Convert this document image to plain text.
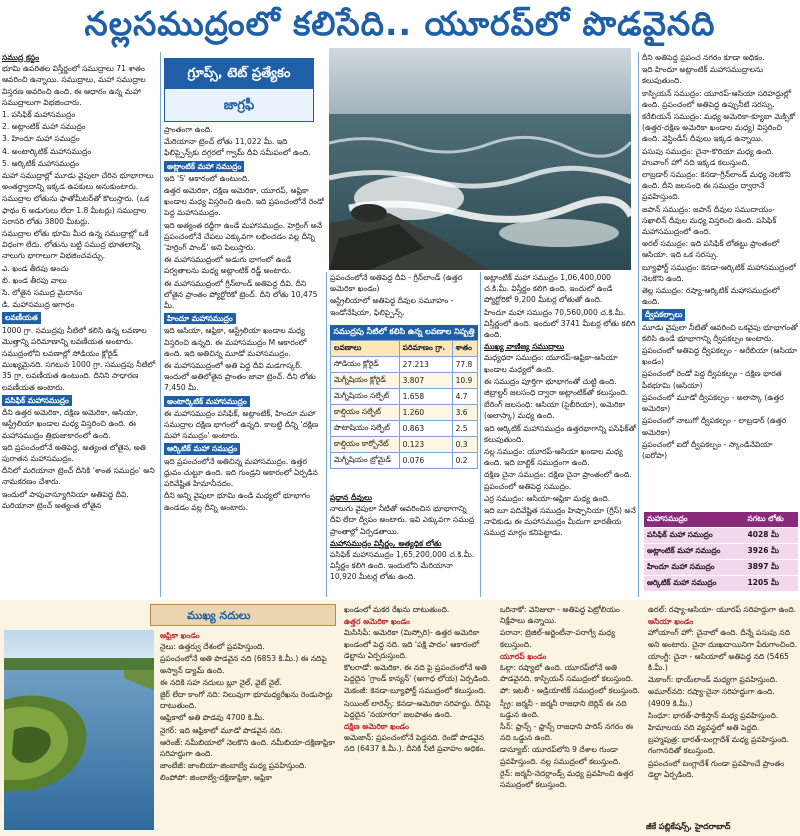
నల్లసముద్రంలో కలిసేది.. యూరప్‌లో పొడవైనది
సముద్ర క్రస్టం

భూమి ఉపరితల విస్తీర్ణంలో సముద్రాలు 71 శాతం ఆవరించి ఉన్నాయి. సముద్రాలు, మహా సముద్రాల విస్తరణ ఆవరించి ఉంది. ఈ ఆధారం ఉన్న మహా సముద్రాలుగా విభజించారు.

1. పసిఫిక్ మహాసముద్రం

2. అట్లాంటిక్ మహా సముద్రం

3. హిందూ మహా సముద్రం

4. అంటార్కిటిక్ మహాసముద్రం

5. ఆర్కిటిక్ మహాసముద్రం

మహా సముద్రాల్లో మూడు వైపులా చేరిన భూభాగాలు అంతర్ద్వాదాన్ని ఇక్కడ ఉపకులు అనుకుంటారు.

సముద్రాల లోతును ఫాతోమీటర్‌తో కొలుస్తారు. (ఒక ఫాథం 6 అడుగులు లేదా 1.8 మీటర్లు) సముద్రాల సరాసరి లోతు 3800 మీటర్లు.

సముద్రాల లోతు భూమి మీద ఉన్న సముద్రాల్లో ఒకే విధంగా లేదు. లోతును బట్టి సముద్ర భూతలాన్ని నాలుగు భాగాలుగా విభజించవచ్చు.

ఎ. ఖండ తీరపు అంచు

బి. ఖండ తీరపు వాలు

సి. లోతైన సముద్ర మైదానం

డి. మహాసముద్ర అగాధం

లవణీయత

1000 గ్రా. సముద్రపు నీటిలో కలిసి ఉన్న లవణాల మొత్తాన్ని పరిమాణాన్ని లవణీయత అంటారు.

సముద్రంలోని లవణాల్లో సోడియం క్లోరైడ్ ముఖ్యమైనది. సగటున 1000 గ్రా. సముద్రపు నీటిలో 35 గ్రా. లవణీయత ఉంటుంది. దీనిని సాధారణ లవణీయత అంటారు.

పసిఫిక్ మహాసముద్రం

దీని ఉత్తర అమెరికా, దక్షిణ అమెరికా, ఆసియా, ఆస్ట్రేలియా ఖండాల మధ్య విస్తరించి ఉంది. ఈ మహాసముద్రం త్రిభుజాకారంలో ఉంది.

ఇది ప్రపంచంలోనే అతిపెద్ద, అత్యంత లోతైన, అతి పురాతన మహాసముద్రం.

దీనిలో మరియానా ట్రెంచ్ దీనికి 'శాంత సముద్రం' అని నామకరణం చేశారు.

ఇందులో పాపువాన్యూగినియా అతిపెద్ద దీవి. మరియానా ట్రెంచ్ అత్యంత లోతైన

గ్రూప్స్, టెట్ ప్రత్యేకం
జాగ్రఫీ

ప్రాంతంగా ఉంది.

మేరియానా ట్రెంచ్ లోతు 11,022 మీ. ఇది ఫిలిప్పైన్స్‌కు దగ్గరలో గ్వామ్ దీవి సమీపంలో ఉంది.

అట్లాంటిక్ మహా సముద్రం

ఇది 'S' ఆకారంలో ఉంటుంది.

ఉత్తర అమెరికా, దక్షిణ అమెరికా, యూరప్, ఆఫ్రికా ఖండాల మధ్య విస్తరించి ఉంది. ఇది ప్రపంచంలోనే రెండో పెద్ద మహాసముద్రం.

ఇది అత్యంత రద్దీగా ఉండే మహాసముద్రం. హెర్రింగ్ అనే ప్రపంచంలోనే చేపలు ఎక్కువగా లభించడం వల్ల దీన్ని 'హెర్రింగ్ పాండ్' అని పిలుస్తారు.

ఈ మహాసముద్రంలో అడుగు భాగంలో ఉండే పర్వతాలను మధ్య అట్లాంటిక్ రిడ్జ్ అంటారు.

ఈ మహాసముద్రంలో గ్రీన్‌లాండ్ అతిపెద్ద దీవి. దీని లోతైన ప్రాంతం ప్యోర్టోరికో ట్రెంచ్. దీని లోతు 10,475 మీ.

హిందూ మహాసముద్రం

ఇది ఆసియా, ఆఫ్రికా, ఆస్ట్రేలియా ఖండాల మధ్య విస్తరించి ఉన్నది. ఈ మహాసముద్రం M ఆకారంలో ఉంది. ఇది అతిచిన్న మూడో మహాసముద్రం.

ఈ మహాసముద్రంలో అతి పెద్ద దీవి మడగాస్కర్. ఇందులో అతిలోతైన ప్రాంతం జావా ట్రెంచ్. దీని లోతు 7,450 మీ.

అంటార్కిటిక్ మహాసముద్రం

ఈ మహాసముద్రం పసిఫిక్, అట్లాంటిక్, హిందూ మహా సముద్రాల దక్షిణ భాగంలో ఉన్నది. కాబట్టి దీన్ని 'దక్షిణ మహా సముద్రం' అంటారు.

ఆర్కిటిక్ మహా సముద్రం

ఇది ప్రపంచంలోనే అతిచిన్న మహాసముద్రం. ఉత్తర ధ్రువం చుట్టూ ఉంది. ఇది గుండ్రని ఆకారంలో ఏర్పడిన పరివేష్టిత హిమానీనదం.

దీని అన్ని వైపులా భూమి ఉండి మధ్యలో భూభాగం ఉండడం వల్ల దీన్ని అంటారు.

ప్రపంచంలోనే అతిపెద్ద దీవి - గ్రీన్‌లాండ్ (ఉత్తర అమెరికా ఖండం)

ఆస్ట్రేలియాలో అతిపెద్ద దీవుల సమూహం - ఇండోనేషియా, ఫిలిప్పైన్స్.

సముద్రపు నీటిలో కలిసి ఉన్న లవణాల నిష్పత్తి
లవణాలు	పరిమాణం గ్రా.	శాతం
సోడియం క్లోరైడ్	27.213	77.8
మెగ్నీషియం క్లోరైడ్	3.807	10.9
మెగ్నీషియం సల్ఫేట్	1.658	4.7
కాల్షియం సల్ఫేట్	1.260	3.6
పొటాషియం సల్ఫేట్	0.863	2.5
కాల్షియం కార్బోనేట్	0.123	0.3
మెగ్నీషియం బ్రోమైడ్	0.076	0.2
ప్రధాన దీవులు

నాలుగు వైపులా నీటితో ఆవరించిన భూభాగాన్ని దీవి లేదా ద్వీపం అంటారు. ఇవి ఎక్కువగా సముద్ర ప్రాంతాల్లో ఏర్పడతాయి.

మహాసముద్రం విస్తీర్ణం, అత్యధిక లోతు

పసిఫిక్ మహాసముద్రం 1,65,200,000 చ.కి.మీ. విస్తీర్ణం కలిగి ఉంది. ఇందులోని మేరియానా 10,920 మీటర్ల లోతు ఉంది.

అట్లాంటిక్ మహా సముద్రం 1,06,400,000 చ.కి.మీ. విస్తీర్ణం కలిగి ఉంది. ఇందులో ఉండే ప్యోర్టోరికో 9,200 మీటర్ల లోతుతో ఉంది.

హిందూ మహా సముద్రం 70,560,000 చ.కి.మీ. విస్తీర్ణంలో ఉంది. ఇందులో 3741 మీటర్ల లోతు కలిగి ఉంది.

ముఖ్య వాణిజ్య సముద్రాలు

మధ్యధరా సముద్రం: యూరప్-ఆఫ్రికా-ఆసియా ఖండాల మధ్యలో ఉంది.

ఈ సముద్రం పూర్తిగా భూభాగంతో చుట్టి ఉంది. జిబ్రాల్టర్ జలసంధి ద్వారా అట్లాంటిక్‌తో కలుస్తుంది.

బేరింగ్ జలసంధి: ఆసియా (సైబీరియా), అమెరికా (అలాస్కా) మధ్య ఉంది.

ఇది ఆర్కిటిక్ మహాసముద్రం ఉత్తరభాగాన్ని పసిఫిక్‌తో కలుపుతుంది.

నల్ల సముద్రం: యూరప్-ఆసియా ఖండాల మధ్య ఉంది. ఇది బాల్టిక్ సముద్రంగా ఉంది.

దక్షిణ చైనా సముద్రం: దక్షిణ చైనా ప్రాంతంలో ఉంది. ప్రపంచంలో అతిపెద్ద సముద్రం.

ఎర్ర సముద్రం: ఆసియా-ఆఫ్రికా మధ్య ఉంది.

ఇది బూ పదివేష్టిత సముద్రం హిష్పానియా (గ్రీస్) అనే నావికుడు ఈ మహాసముద్రం మీదుగా భారతీయ సముద్ర మార్గం కనిపెట్టాడు.

దీని అతిపెద్ద ప్రపంచ నగరం కూడా అధికం.

ఇది హిందూ అట్లాంటిక్ మహాసముద్రాలను కలుపుతుంది.

కాస్పియన్ సముద్రం: యూరప్-ఆసియా సరిహద్దుల్లో ఉంది. ప్రపంచంలో అతిపెద్ద ఉప్పునీటి సరస్సు.

కరేబియన్ సముద్రం: మధ్య అమెరికా-క్యూబా మెక్సికో (ఉత్తర-దక్షిణ అమెరికా ఖండాల మధ్య) విస్తరించి ఉంది. వెస్టిండీస్ దీవులు ఇక్కడ ఉన్నాయి.

పసుపు సముద్రం: చైనా-కొరియా మధ్య ఉంది. హువాంగ్ హో నది ఇక్కడ కలుస్తుంది.

లాబ్రడార్ సముద్రం: కెనడా-గ్రీన్‌లాండ్ మధ్య నెలకొని ఉంది. దీని జలసంధి ఈ సముద్రం ద్వారానే ప్రవహిస్తుంది.

జపాన్ సముద్రం: జపాన్ దీవుల సముదాయం-సఖాలిన్ దీవుల మధ్య విస్తరించి ఉంది. పసిఫిక్ మహాసముద్రంలో ఉంది.

అరల్ సముద్రం: ఇది పసిఫిక్ లోతట్టు ప్రాంతంలో ఆసియా. ఇది ఒక సరస్సు.

బ్యూఫోర్ట్ సముద్రం: కెనడా-ఆర్కిటిక్ మహాసముద్రంలో నెలకొని ఉంది.

తెల్ల సముద్రం: రష్యా-ఆర్కిటిక్ మహాసముద్రంలో ఉంది.

ద్వీపకల్పాలు

మూడు వైపులా నీటితో ఆవరించి ఒకవైపు భూభాగంతో కలిసి ఉండే భూభాగాన్ని ద్వీపకల్పం అంటారు.

ప్రపంచంలో అతిపెద్ద ద్వీపకల్పం - అరేబియా (ఆసియా ఖండం)

ప్రపంచంలో రెండో పెద్ద ద్వీపకల్పం - దక్షిణ భారత పీఠభూమి (ఆసియా)

ప్రపంచంలో మూడో ద్వీపకల్పం - అలాస్కా (ఉత్తర అమెరికా)

ప్రపంచంలో నాలుగో ద్వీపకల్పం - లాబ్రడార్ (ఉత్తర అమెరికా)

ప్రపంచంలో ఐదో ద్వీపకల్పం - స్కాండినేవియా (ఐరోపా)

మహాసముద్రం	సగటు లోతు
పసిఫిక్ మహా సముద్రం	4028 మీ
అట్లాంటిక్ మహా సముద్రం	3926 మీ
హిందూ మహా సముద్రం	3897 మీ
ఆర్కిటిక్ మహా సముద్రం	1205 మీ
ముఖ్య నదులు
ఆఫ్రికా ఖండం

నైలు: ఉత్తర్వు దేశంలో ప్రవహిస్తుంది.

ప్రపంచంలోనే అతి పొడవైన నది (6853 కి.మీ.) ఈ నదిపై అస్వాన్ డ్యామ్ ఉంది.

ఈ నదికి సహ నదులు బ్లూ నైల్, వైట్ నైల్.

జైర్ లేదా కాంగో నది: నిలువుగా భూమధ్యరేఖను రెండుసార్లు దాటుతుంది.

ఆఫ్రికాలో అతి పొడవు 4700 కి.మీ.

నైగర్: ఇది ఆఫ్రికాలో మూడో పొడవైన నది.

ఆరెంజ్: నమీబియాలో నెలకొని ఉంది. నమీబియా-దక్షిణాఫ్రికా సరిహద్దుగా ఉంది.

జాంబేజీ: జాంబియా-జింబాబ్వే మధ్య ప్రవహిస్తుంది.

లింపోపో: జింబాబ్వే-దక్షిణాఫ్రికా, ఆఫ్రికా

ఖండంలో మకర రేఖను దాటుతుంది.

ఉత్తర అమెరికా ఖండం

మిసిసిపీ: అమెరికా (మిస్సోరి)- ఉత్తర అమెరికా ఖండంలో పెద్ద నది. ఇది 'పక్షి పాదం' ఆకారంలో డెల్టాను ఏర్పరుస్తుంది.

కొలరాడో: అమెరికా. ఈ నది పై ప్రపంచంలోనే అతి పెద్దదైన 'గ్రాండ్ కాన్యన్' (అగాధ లోయ) ఏర్పడింది.

మెకంజీ: కెనడా-బ్యూఫోర్ట్ సముద్రంలో కలుస్తుంది.

సెయింట్ లారెన్స్: కెనడా-అమెరికా సరిహద్దు. దీనిపై పెద్దదైన 'నయాగరా' జలపాతం ఉంది.

దక్షిణ అమెరికా ఖండం

అమెజాన్: ప్రపంచంలోనే పెద్దనది. రెండో పొడవైన నది (6437 కి.మీ.). దీనికి నీటి ప్రవాహం అధికం.

ఒరినాకో: వెనిజులా - అతిపెద్ద పెట్రోలియం నిక్షేపాలు ఉన్నాయి.

పరానా: బ్రెజిల్-అర్జెంటీనా-పరాగ్వే మధ్య కలుస్తుంది.

యూరప్ ఖండం

ఓల్గా: రష్యాలో ఉంది. యూరప్‌లోనే అతి పొడవైనది. కాస్పియన్ సముద్రంలో కలుస్తుంది.

పో: ఇటలీ - ఆడ్రియాటిక్ సముద్రంలో కలుస్తుంది.

స్ప్రీ: జర్మనీ - జర్మనీ రాజధాని బెర్లిన్ ఈ నది ఒడ్డున ఉంది.

సీన్: ఫ్రాన్స్ - ఫ్రాన్స్ రాజధాని పారిస్ నగరం ఈ నది ఒడ్డున ఉంది.

డాన్యూబ్: యూరప్‌లోని 9 దేశాల గుండా ప్రవహిస్తుంది. నల్ల సముద్రంలో కలుస్తుంది.

రైన్: జర్మనీ-నెదర్లాండ్స్ మధ్య ప్రవహించి ఉత్తర సముద్రంలో కలుస్తుంది.

ఉరల్: రష్యా-ఆసియా- యూరప్ సరిహద్దుగా ఉంది.

ఆసియా ఖండం

హోయాంగ్ హో: చైనాలో ఉంది. దీన్నే పసుపు నది అని అంటారు. చైనా దుఃఖదాయినిగా పేరుగాంచింది.

యాంగ్జీ: చైనా - ఆసియాలో అతిపెద్ద నది (5465 కి.మీ.)

మెకాంగ్: థాయ్‌లాండ్ మధ్యగా ప్రవహిస్తుంది.

అమూర్‌నది: రష్యా-చైనా సరిహద్దుగా ఉంది. (4909 కి.మీ.)

సింధూ: భారత్-పాకిస్తాన్ మధ్య ప్రవహిస్తుంది.

హిమాలయ నది వ్యవస్థలో అతి పెద్దది.

బ్రహ్మపుత్ర: భారత్-బంగ్లాదేశ్ మధ్య ప్రవహిస్తుంది. గంగానదితో కలుస్తుంది.

ప్రపంచంలో బంగ్లాదేశ్ గుండా ప్రవహించే ప్రాంతం డెల్టా ఏర్పడింది.

జీకే పబ్లికేషన్స్, హైదరాబాద్
